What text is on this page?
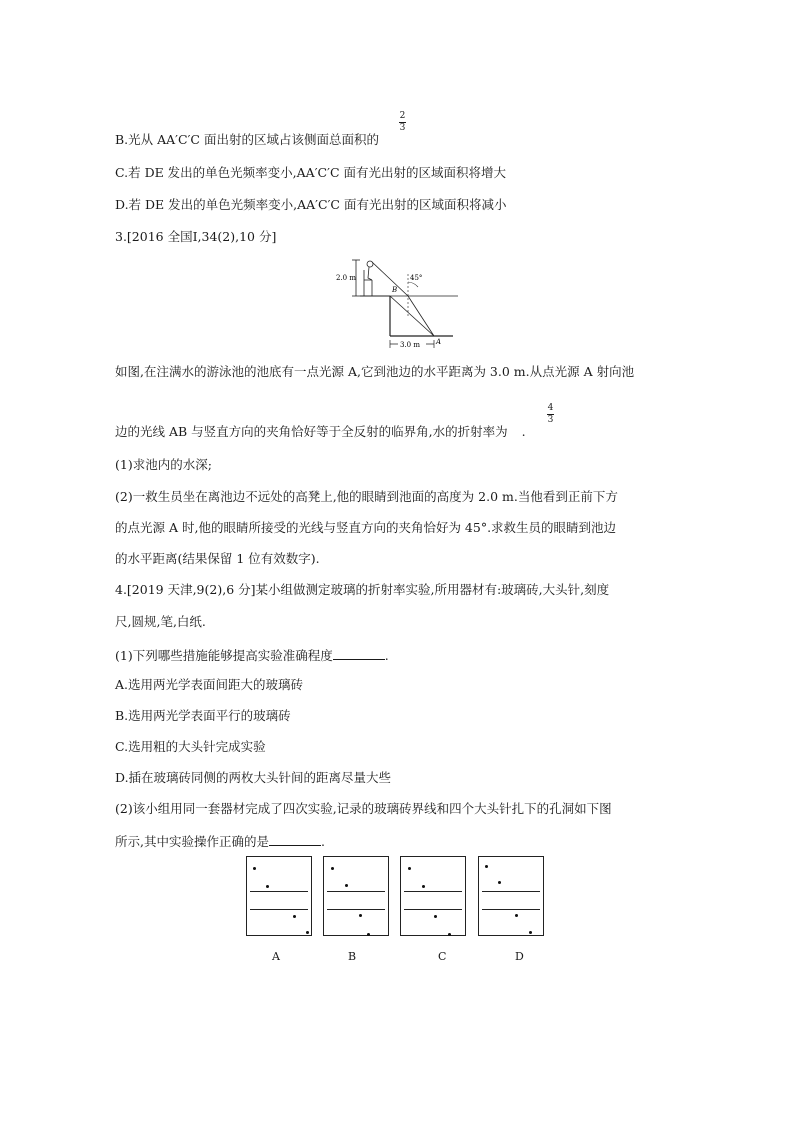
B.光从 AA′C′C 面出射的区域占该侧面总面积的
2
3
C.若 DE 发出的单色光频率变小,AA′C′C 面有光出射的区域面积将增大
D.若 DE 发出的单色光频率变小,AA′C′C 面有光出射的区域面积将减小
3.[2016 全国Ⅰ,34(2),10 分]
2.0 m	45°
B
A
3.0 m
如图,在注满水的游泳池的池底有一点光源 A,它到池边的水平距离为 3.0 m.从点光源 A 射向池
边的光线 AB 与竖直方向的夹角恰好等于全反射的临界角,水的折射率为 .
4
3
(1)求池内的水深;
(2)一救生员坐在离池边不远处的高凳上,他的眼睛到池面的高度为 2.0 m.当他看到正前下方
的点光源 A 时,他的眼睛所接受的光线与竖直方向的夹角恰好为 45°.求救生员的眼睛到池边
的水平距离(结果保留 1 位有效数字).
4.[2019 天津,9(2),6 分]某小组做测定玻璃的折射率实验,所用器材有:玻璃砖,大头针,刻度
尺,圆规,笔,白纸.
(1)下列哪些措施能够提高实验准确程度	.
A.选用两光学表面间距大的玻璃砖
B.选用两光学表面平行的玻璃砖
C.选用粗的大头针完成实验
D.插在玻璃砖同侧的两枚大头针间的距离尽量大些
(2)该小组用同一套器材完成了四次实验,记录的玻璃砖界线和四个大头针扎下的孔洞如下图
所示,其中实验操作正确的是	.
A	B	C	D
